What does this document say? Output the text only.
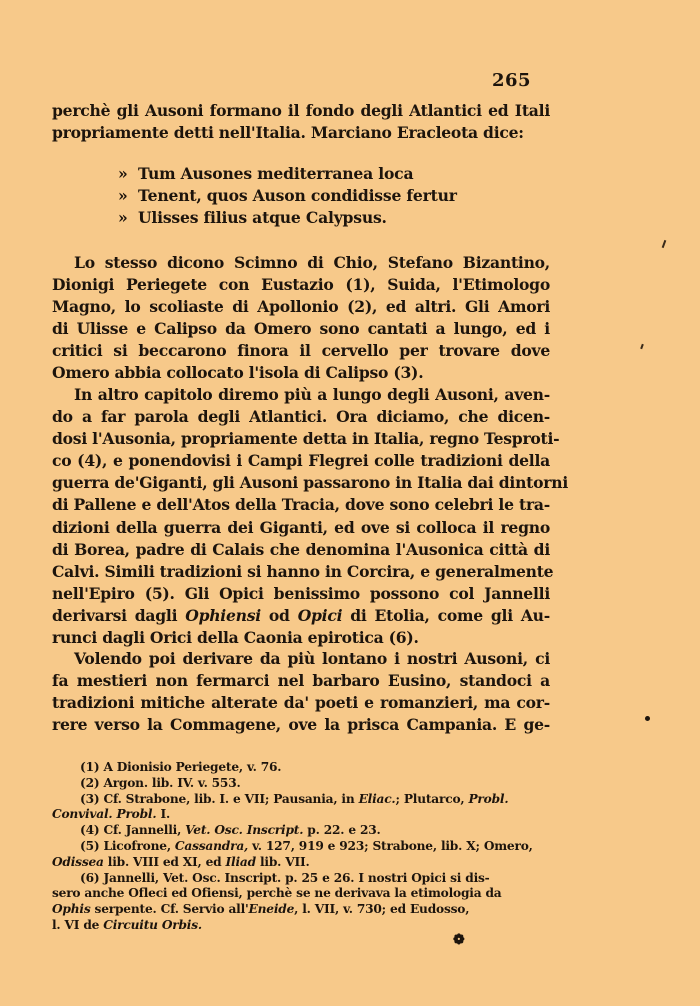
265
perchè gli Ausoni formano il fondo degli Atlantici ed Itali
propriamente detti nell'Italia. Marciano Eracleota dice:
» Tum Ausones mediterranea loca
» Tenent, quos Auson condidisse fertur
» Ulisses filius atque Calypsus.
Lo stesso dicono Scimno di Chio, Stefano Bizantino,
Dionigi Periegete con Eustazio (1), Suida, l'Etimologo
Magno, lo scoliaste di Apollonio (2), ed altri. Gli Amori
di Ulisse e Calipso da Omero sono cantati a lungo, ed i
critici si beccarono finora il cervello per trovare dove
Omero abbia collocato l'isola di Calipso (3).
In altro capitolo diremo più a lungo degli Ausoni, aven-
do a far parola degli Atlantici. Ora diciamo, che dicen-
dosi l'Ausonia, propriamente detta in Italia, regno Tesproti-
co (4), e ponendovisi i Campi Flegrei colle tradizioni della
guerra de'Giganti, gli Ausoni passarono in Italia dai dintorni
di Pallene e dell'Atos della Tracia, dove sono celebri le tra-
dizioni della guerra dei Giganti, ed ove si colloca il regno
di Borea, padre di Calais che denomina l'Ausonica città di
Calvi. Simili tradizioni si hanno in Corcira, e generalmente
nell'Epiro (5). Gli Opici benissimo possono col Jannelli
derivarsi dagli Ophiensi od Opici di Etolia, come gli Au-
runci dagli Orici della Caonia epirotica (6).
Volendo poi derivare da più lontano i nostri Ausoni, ci
fa mestieri non fermarci nel barbaro Eusino, standoci a
tradizioni mitiche alterate da' poeti e romanzieri, ma cor-
rere verso la Commagene, ove la prisca Campania. E ge-
(1) A Dionisio Periegete, v. 76.
(2) Argon. lib. IV. v. 553.
(3) Cf. Strabone, lib. I. e VII; Pausania, in Eliac.; Plutarco, Probl.
Convival. Probl. I.
(4) Cf. Jannelli, Vet. Osc. Inscript. p. 22. e 23.
(5) Licofrone, Cassandra, v. 127, 919 e 923; Strabone, lib. X; Omero,
Odissea lib. VIII ed XI, ed Iliad lib. VII.
(6) Jannelli, Vet. Osc. Inscript. p. 25 e 26. I nostri Opici si dis-
sero anche Ofleci ed Ofiensi, perchè se ne derivava la etimologia da
Ophis serpente. Cf. Servio all'Eneide, l. VII, v. 730; ed Eudosso,
l. VI de Circuitu Orbis.
❁
